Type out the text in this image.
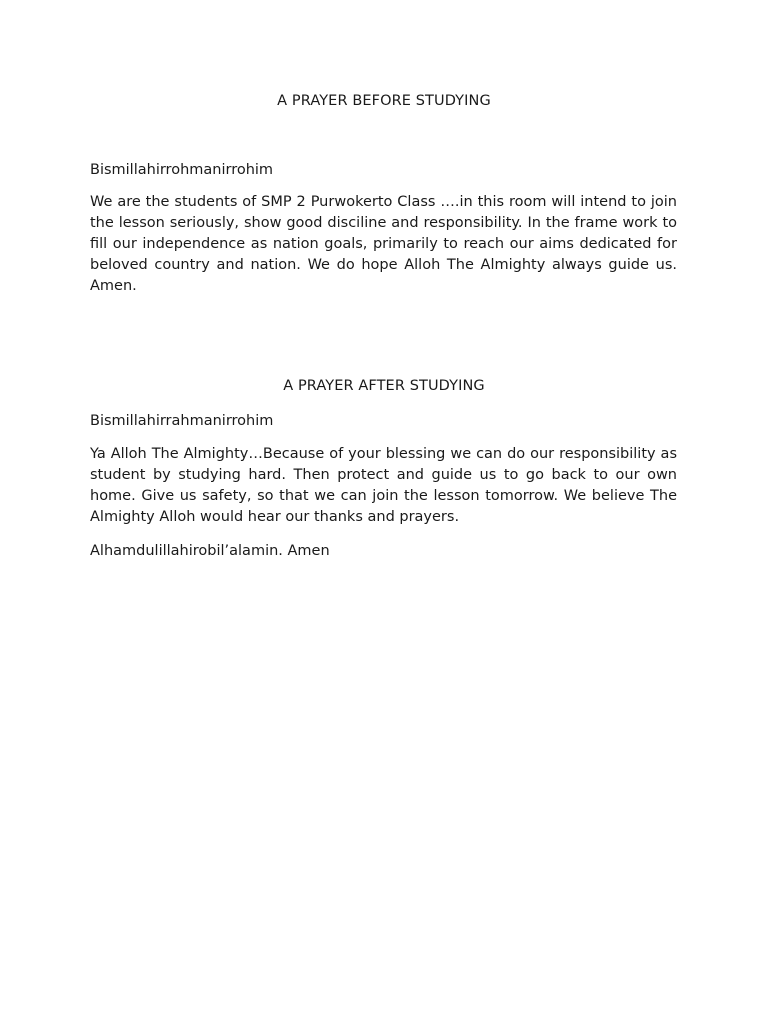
A PRAYER BEFORE STUDYING

Bismillahirrohmanirrohim

We are the students of SMP 2 Purwokerto Class ….in this room will intend to join the lesson seriously, show good disciline and responsibility. In the frame work to fill our independence as nation goals, primarily to reach our aims dedicated for beloved country and nation. We do hope Alloh The Almighty always guide us. Amen.

A PRAYER AFTER STUDYING

Bismillahirrahmanirrohim

Ya Alloh The Almighty…Because of your blessing we can do our responsibility as student by studying hard. Then protect and guide us to go back to our own home. Give us safety, so that we can join the lesson tomorrow. We believe The Almighty Alloh would hear our thanks and prayers.

Alhamdulillahirobil’alamin. Amen
